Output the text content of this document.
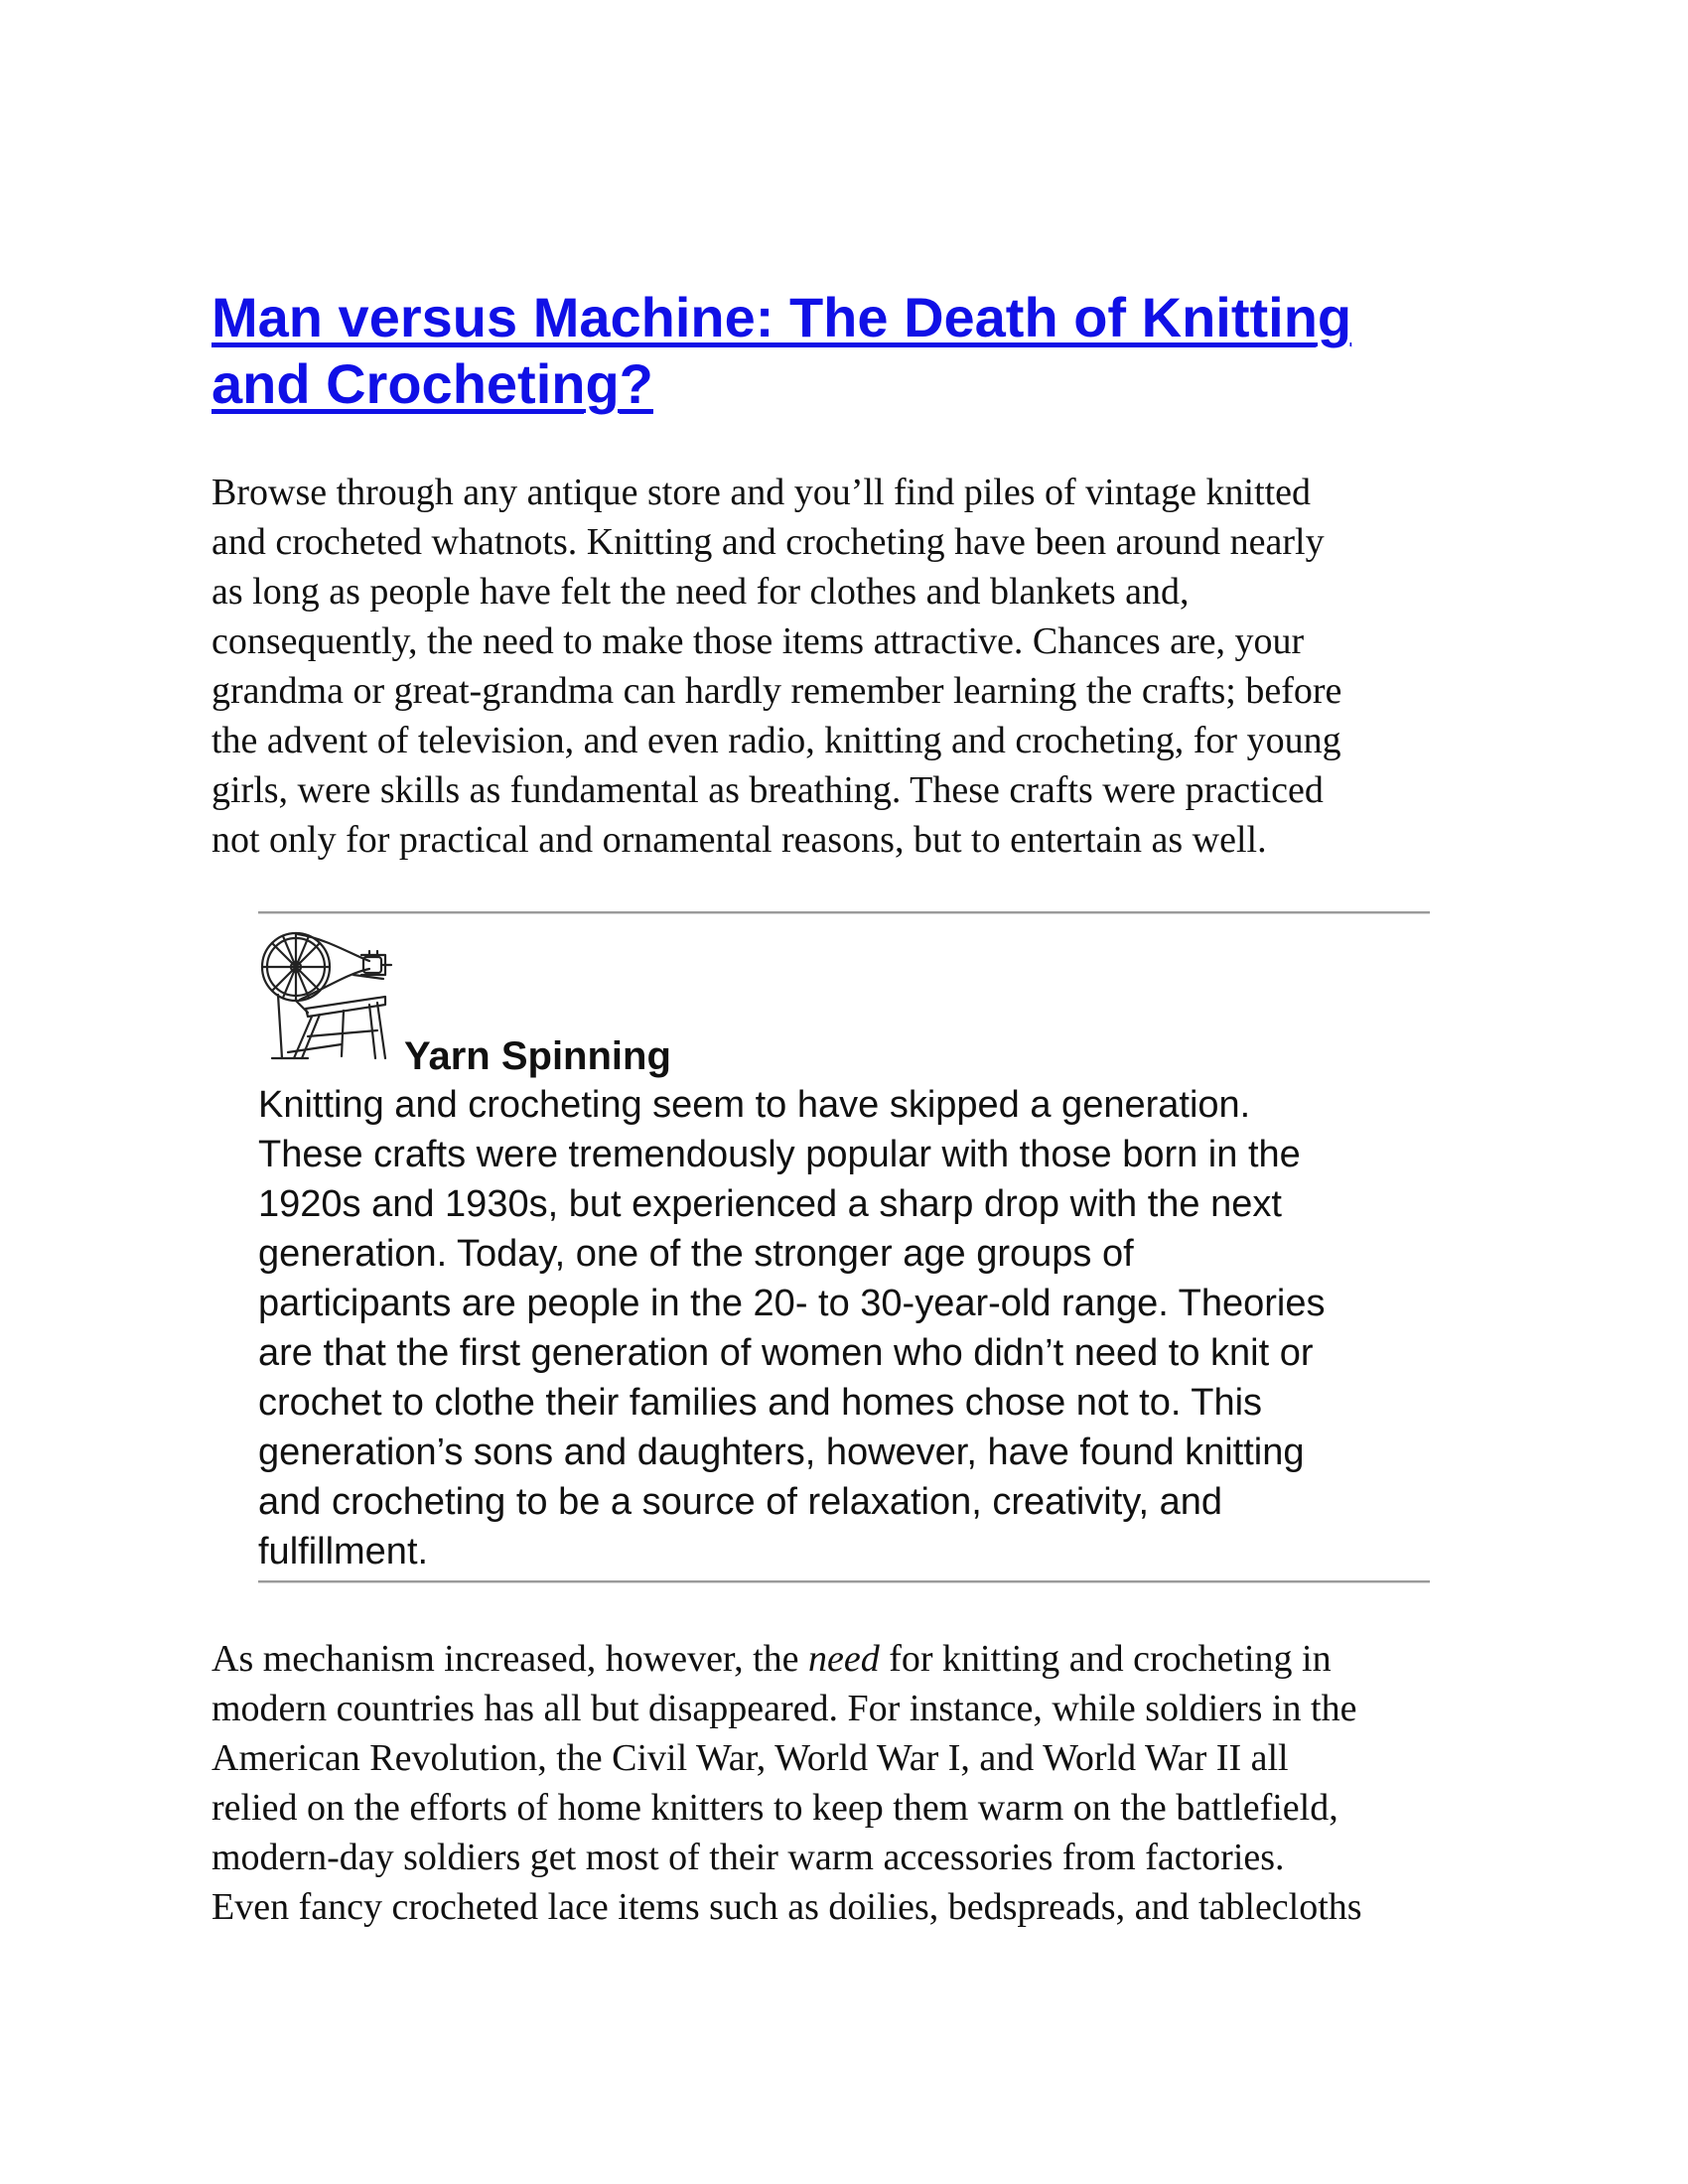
Man versus Machine: The Death of Knitting
and Crocheting?

Browse through any antique store and you’ll find piles of vintage knitted
and crocheted whatnots. Knitting and crocheting have been around nearly
as long as people have felt the need for clothes and blankets and,
consequently, the need to make those items attractive. Chances are, your
grandma or great-grandma can hardly remember learning the crafts; before
the advent of television, and even radio, knitting and crocheting, for young
girls, were skills as fundamental as breathing. These crafts were practiced
not only for practical and ornamental reasons, but to entertain as well.

Yarn Spinning

Knitting and crocheting seem to have skipped a generation.
These crafts were tremendously popular with those born in the
1920s and 1930s, but experienced a sharp drop with the next
generation. Today, one of the stronger age groups of
participants are people in the 20- to 30-year-old range. Theories
are that the first generation of women who didn’t need to knit or
crochet to clothe their families and homes chose not to. This
generation’s sons and daughters, however, have found knitting
and crocheting to be a source of relaxation, creativity, and
fulfillment.

As mechanism increased, however, the need for knitting and crocheting in
modern countries has all but disappeared. For instance, while soldiers in the
American Revolution, the Civil War, World War I, and World War II all
relied on the efforts of home knitters to keep them warm on the battlefield,
modern-day soldiers get most of their warm accessories from factories.
Even fancy crocheted lace items such as doilies, bedspreads, and tablecloths
